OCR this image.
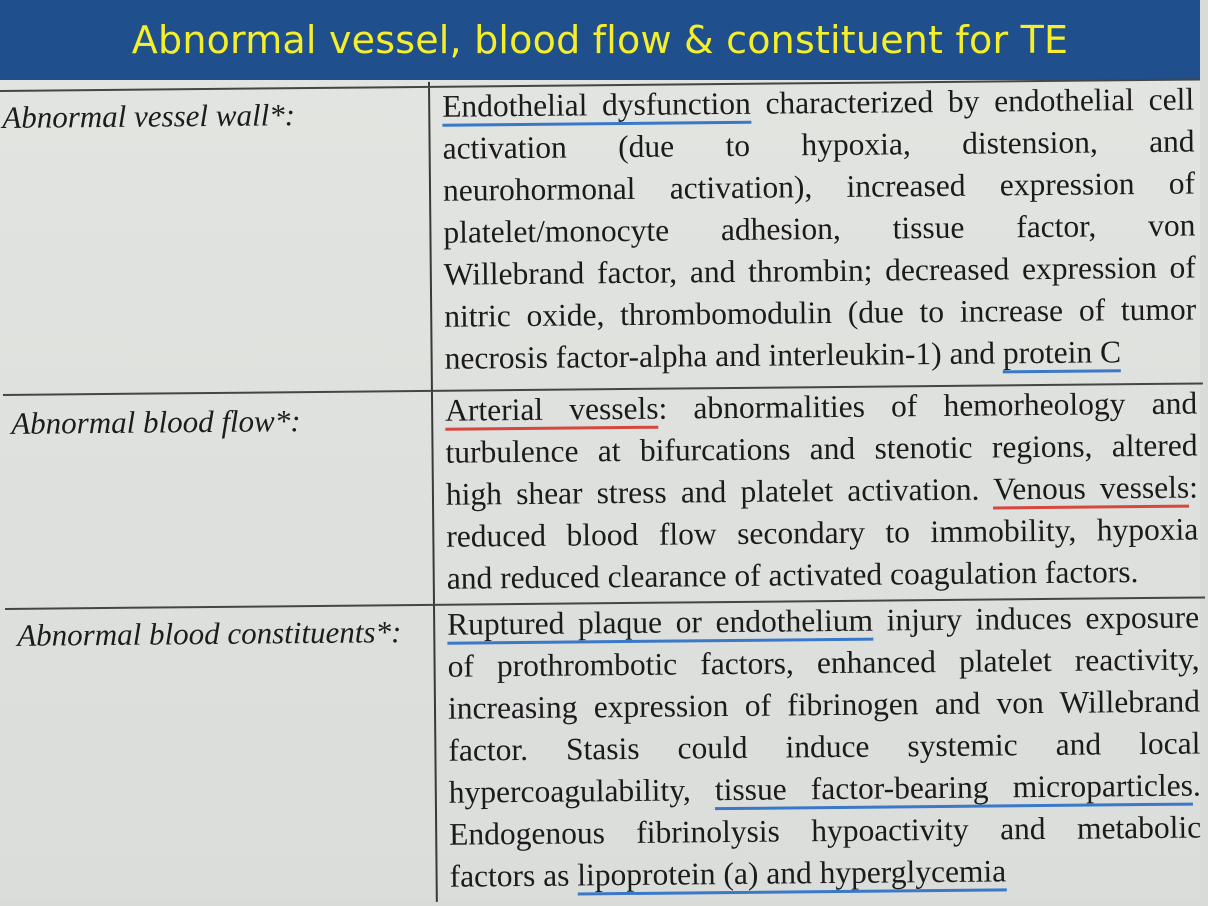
Abnormal vessel, blood flow & constituent for TE
Abnormal vessel wall*:	Endothelial dysfunction characterized by endothelial cell
activation (due to hypoxia, distension, and
neurohormonal activation), increased expression of
platelet/monocyte adhesion, tissue factor, von
Willebrand factor, and thrombin; decreased expression of
nitric oxide, thrombomodulin (due to increase of tumor
necrosis factor-alpha and interleukin-1) and protein C
Abnormal blood flow*:	Arterial vessels: abnormalities of hemorheology and
turbulence at bifurcations and stenotic regions, altered
high shear stress and platelet activation. Venous vessels:
reduced blood flow secondary to immobility, hypoxia
and reduced clearance of activated coagulation factors.
Abnormal blood constituents*: Ruptured plaque or endothelium injury induces exposure
of prothrombotic factors, enhanced platelet reactivity,
increasing expression of fibrinogen and von Willebrand
factor. Stasis could induce systemic and local
hypercoagulability, tissue factor-bearing microparticles.
Endogenous fibrinolysis hypoactivity and metabolic
factors as lipoprotein (a) and hyperglycemia
